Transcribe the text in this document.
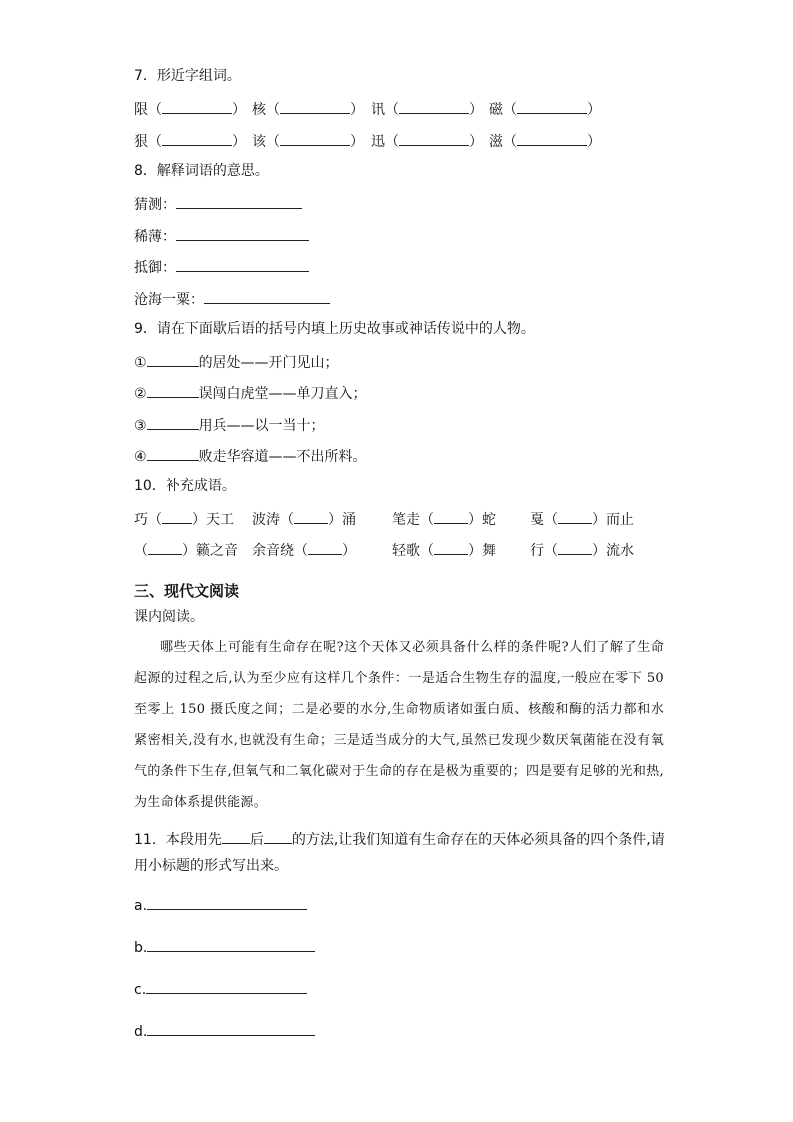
7．形近字组词。
限（	） 核（	） 讯（	） 磁（	）
狠（	） 该（	） 迅（	） 滋（	）
8．解释词语的意思。
猜测：
稀薄：
抵御：
沧海一粟：
9．请在下面歇后语的括号内填上历史故事或神话传说中的人物。
①	的居处——开门见山；
②	误闯白虎堂——单刀直入；
③	用兵——以一当十；
④	败走华容道——不出所料。
10．补充成语。
巧（ ）天工 波涛（ ）涌	笔走（ ）蛇 戛（ ）而止
（ ）籁之音 余音绕（ ）	轻歌（ ）舞 行（ ）流水
三、现代文阅读
课内阅读。

哪些天体上可能有生命存在呢?这个天体又必须具备什么样的条件呢?人们了解了生命起源的过程之后,认为至少应有这样几个条件：一是适合生物生存的温度,一般应在零下 50 至零上 150 摄氏度之间；二是必要的水分,生命物质诸如蛋白质、核酸和酶的活力都和水紧密相关,没有水,也就没有生命；三是适当成分的大气,虽然已发现少数厌氧菌能在没有氧气的条件下生存,但氧气和二氧化碳对于生命的存在是极为重要的；四是要有足够的光和热,为生命体系提供能源。

11．本段用先 后 的方法,让我们知道有生命存在的天体必须具备的四个条件,请
用小标题的形式写出来。
a.
b.
c.
d.
